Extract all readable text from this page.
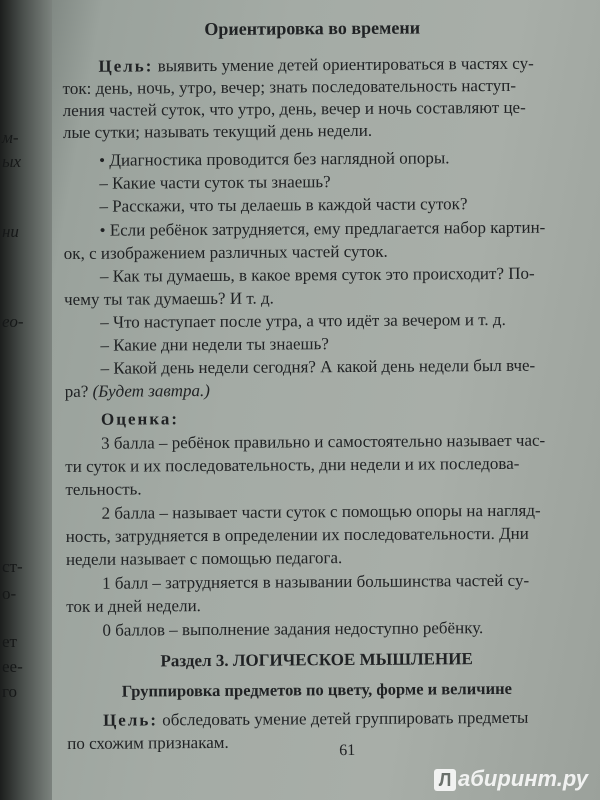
м-
ых
ни
ео-
ст-
о-
ет
ее-
го
Ориентировка во времени
Цель: выявить умение детей ориентироваться в частях су-
ток: день, ночь, утро, вечер; знать последовательность наступ-
ления частей суток, что утро, день, вечер и ночь составляют це-
лые сутки; называть текущий день недели.
• Диагностика проводится без наглядной опоры.
– Какие части суток ты знаешь?
– Расскажи, что ты делаешь в каждой части суток?
• Если ребёнок затрудняется, ему предлагается набор картин-
ок, с изображением различных частей суток.
– Как ты думаешь, в какое время суток это происходит? По-
чему ты так думаешь? И т. д.
– Что наступает после утра, а что идёт за вечером и т. д.
– Какие дни недели ты знаешь?
– Какой день недели сегодня? А какой день недели был вче-
ра? (Будет завтра.)
Оценка:
3 балла – ребёнок правильно и самостоятельно называет час-
ти суток и их последовательность, дни недели и их последова-
тельность.
2 балла – называет части суток с помощью опоры на нагляд-
ность, затрудняется в определении их последовательности. Дни
недели называет с помощью педагога.
1 балл – затрудняется в назывании большинства частей су-
ток и дней недели.
0 баллов – выполнение задания недоступно ребёнку.
Раздел 3. ЛОГИЧЕСКОЕ МЫШЛЕНИЕ
Группировка предметов по цвету, форме и величине
Цель: обследовать умение детей группировать предметы
по схожим признакам.	61
Л абиринт.ру
